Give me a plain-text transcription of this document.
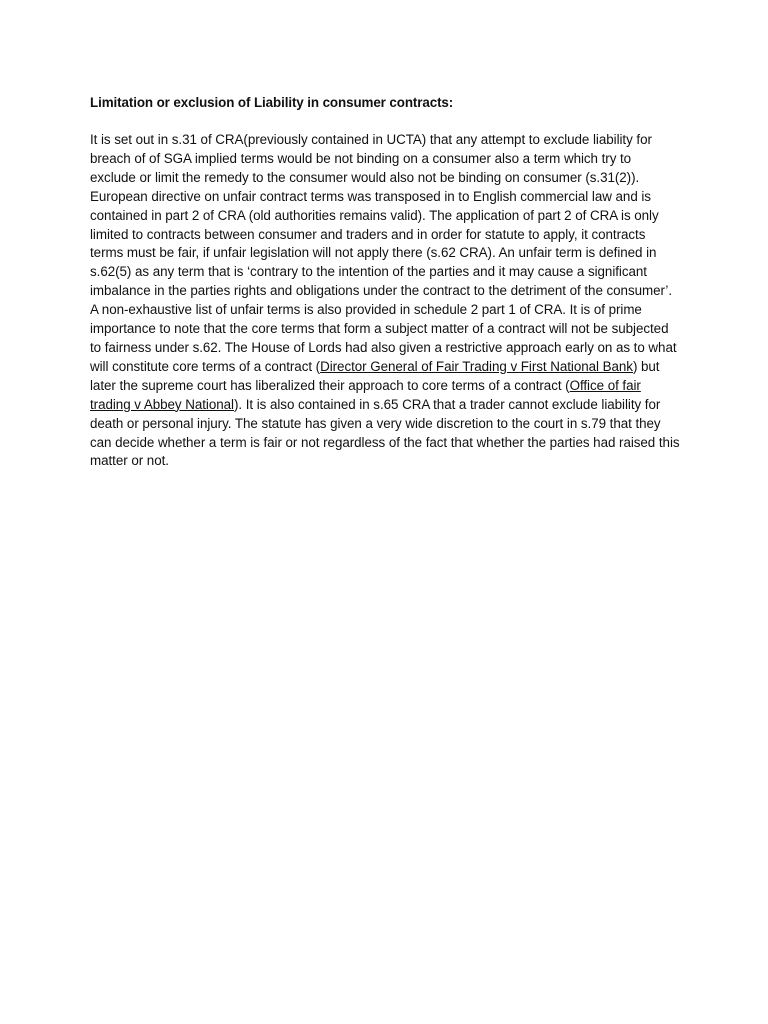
Limitation or exclusion of Liability in consumer contracts:

It is set out in s.31 of CRA(previously contained in UCTA) that any attempt to exclude liability for breach of of SGA implied terms would be not binding on a consumer also a term which try to exclude or limit the remedy to the consumer would also not be binding on consumer (s.31(2)). European directive on unfair contract terms was transposed in to English commercial law and is contained in part 2 of CRA (old authorities remains valid). The application of part 2 of CRA is only limited to contracts between consumer and traders and in order for statute to apply, it contracts terms must be fair, if unfair legislation will not apply there (s.62 CRA). An unfair term is defined in s.62(5) as any term that is ‘contrary to the intention of the parties and it may cause a significant imbalance in the parties rights and obligations under the contract to the detriment of the consumer’. A non-exhaustive list of unfair terms is also provided in schedule 2 part 1 of CRA. It is of prime importance to note that the core terms that form a subject matter of a contract will not be subjected to fairness under s.62. The House of Lords had also given a restrictive approach early on as to what will constitute core terms of a contract (Director General of Fair Trading v First National Bank) but later the supreme court has liberalized their approach to core terms of a contract (Office of fair trading v Abbey National). It is also contained in s.65 CRA that a trader cannot exclude liability for death or personal injury. The statute has given a very wide discretion to the court in s.79 that they can decide whether a term is fair or not regardless of the fact that whether the parties had raised this matter or not.
